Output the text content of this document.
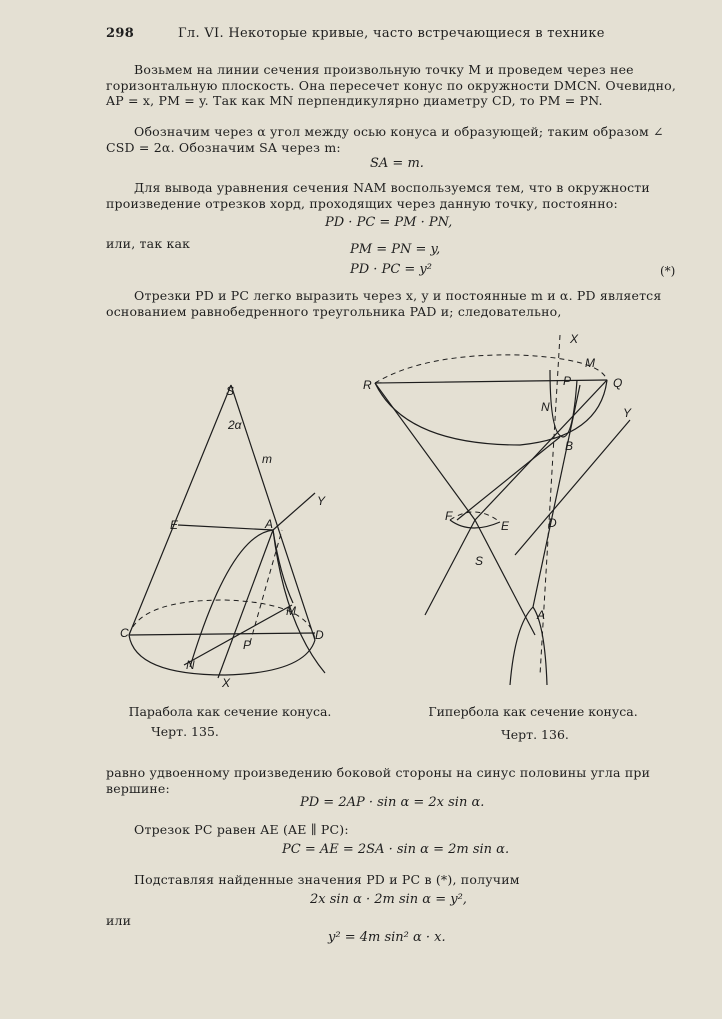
298	Гл. VI. Некоторые кривые, часто встречающиеся в технике
Возьмем на линии сечения произвольную точку M и проведем через нее горизонтальную плоскость. Она пересечет конус по окружности DMCN. Очевидно, AP = x, PM = y. Так как MN перпендикулярно диаметру CD, то PM = PN.
Обозначим через α угол между осью конуса и образующей; таким образом ∠ CSD = 2α. Обозначим SA через m:
SA = m.
Для вывода уравнения сечения NAM воспользуемся тем, что в окружности произведение отрезков хорд, проходящих через данную точку, постоянно:
PD · PC = PM · PN,
или, так как	PM = PN = y,
PD · PC = y²	(*)
Отрезки PD и PC легко выразить через x, y и постоянные m и α. PD является основанием равнобедренного треугольника PAD и; следовательно,
S
2α
m
E	A
Y
C	D
M
P
N
X
X
M
P
R	Q
N
B
Y
F
E	D
S
A
Парабола как сечение конуса.
Черт. 135.
Гипербола как сечение конуса.
Черт. 136.
равно удвоенному произведению боковой стороны на синус половины угла при вершине:
PD = 2AP · sin α = 2x sin α.
Отрезок PC равен AE (AE ∥ PC):
PC = AE = 2SA · sin α = 2m sin α.
Подставляя найденные значения PD и PC в (*), получим
2x sin α · 2m sin α = y²,
или
y² = 4m sin² α · x.
